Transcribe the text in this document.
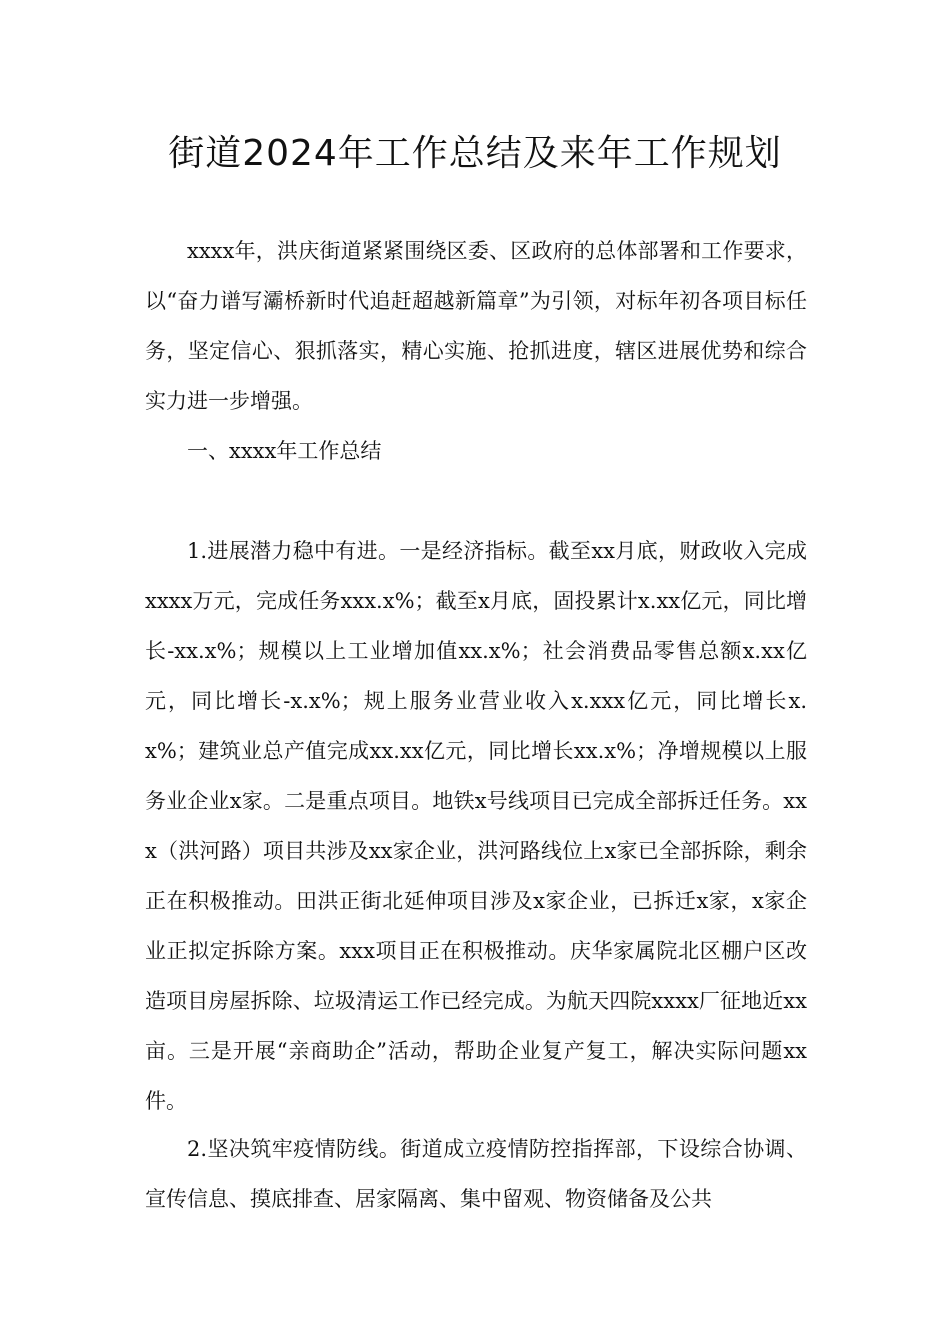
街道2024年工作总结及来年工作规划

xxxx年，洪庆街道紧紧围绕区委、区政府的总体部署和工作要求，以“奋力谱写灞桥新时代追赶超越新篇章”为引领，对标年初各项目标任务，坚定信心、狠抓落实，精心实施、抢抓进度，辖区进展优势和综合实力进一步增强。

一、xxxx年工作总结

1.进展潜力稳中有进。一是经济指标。截至xx月底，财政收入完成xxxx万元，完成任务xxx.x%；截至x月底，固投累计x.xx亿元，同比增长-xx.x%；规模以上工业增加值xx.x%；社会消费品零售总额x.xx亿元，同比增长-x.x%；规上服务业营业收入x.xxx亿元，同比增长x.x%；建筑业总产值完成xx.xx亿元，同比增长xx.x%；净增规模以上服务业企业x家。二是重点项目。地铁x号线项目已完成全部拆迁任务。xxx（洪河路）项目共涉及xx家企业，洪河路线位上x家已全部拆除，剩余正在积极推动。田洪正街北延伸项目涉及x家企业，已拆迁x家，x家企业正拟定拆除方案。xxx项目正在积极推动。庆华家属院北区棚户区改造项目房屋拆除、垃圾清运工作已经完成。为航天四院xxxx厂征地近xx亩。三是开展“亲商助企”活动，帮助企业复产复工，解决实际问题xx件。

2.坚决筑牢疫情防线。街道成立疫情防控指挥部，下设综合协调、宣传信息、摸底排查、居家隔离、集中留观、物资储备及公共
